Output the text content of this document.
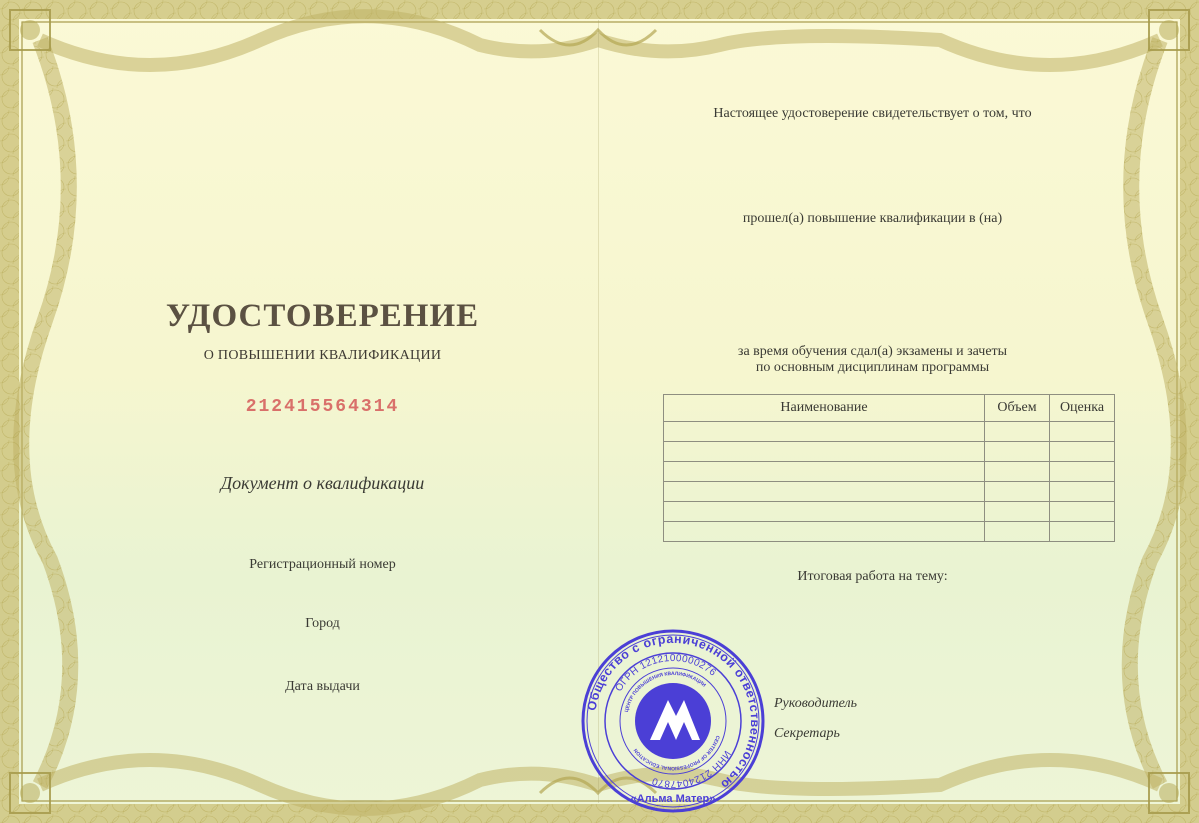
УДОСТОВЕРЕНИЕ
О ПОВЫШЕНИИ КВАЛИФИКАЦИИ
212415564314
Документ о квалификации
Регистрационный номер
Город
Дата выдачи
Настоящее удостоверение свидетельствует о том, что
прошел(а) повышение квалификации в (на)
за время обучения сдал(а) экзамены и зачеты
по основным дисциплинам программы
Наименование	Объем	Оценка

Итоговая работа на тему:
Общество с ограниченной ответственностью
ОГРН 1212100000276
ИНН 2124047870
ЦЕНТР ПОВЫШЕНИЯ КВАЛИФИКАЦИИ
CENTER OF PROFESSIONAL EDUCATION
«Альма Матер»
Руководитель
Секретарь
